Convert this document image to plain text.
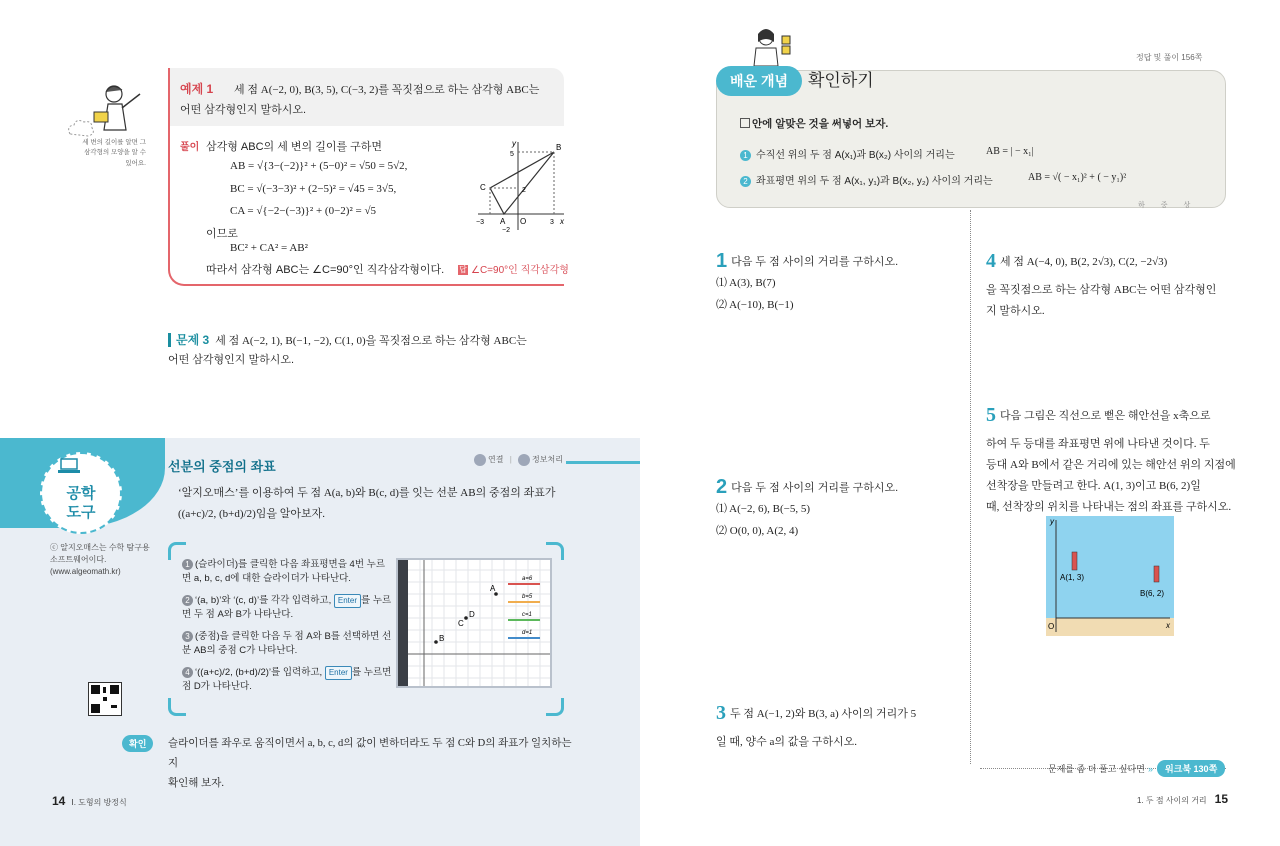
세 변의 길이를 알면 그 삼각형의 모양을 알 수 있어요.
예제 1 세 점 A(−2, 0), B(3, 5), C(−3, 2)를 꼭짓점으로 하는 삼각형 ABC는
어떤 삼각형인지 말하시오.
풀이 삼각형 ABC의 세 변의 길이를 구하면
AB = √{3−(−2)}² + (5−0)² = √50 = 5√2,
BC = √(−3−3)² + (2−5)² = √45 = 3√5,
CA = √{−2−(−3)}² + (0−2)² = √5
이므로
BC² + CA² = AB²
따라서 삼각형 ABC는 ∠C=90°인 직각삼각형이다. 답 ∠C=90°인 직각삼각형
y
x
B
C
A O
5
2
−3
−2
3
문제 3 세 점 A(−2, 1), B(−1, −2), C(1, 0)을 꼭짓점으로 하는 삼각형 ABC는
어떤 삼각형인지 말하시오.
공학
도구
선분의 중점의 좌표	연결 |	정보처리
‘알지오매스’를 이용하여 두 점 A(a, b)와 B(c, d)를 잇는 선분 AB의 중점의 좌표가
((a+c)/2, (b+d)/2)임을 알아보자.
ⓒ 알지오매스는 수학 탐구용
소프트웨어이다.
(www.algeomath.kr)
1 (슬라이더)를 클릭한 다음 좌표평면을 4번 누르면 a, b, c, d에 대한 슬라이더가 나타난다.
2 ‘(a, b)’와 ‘(c, d)’를 각각 입력하고, Enter 를 누르면 두 점 A와 B가 나타난다.
3 (중점)을 클릭한 다음 두 점 A와 B를 선택하면 선분 AB의 중점 C가 나타난다.
4 ‘((a+c)/2, (b+d)/2)’를 입력하고, Enter 를 누르면 점 D가 나타난다.
B
A
D
C
a=6
b=5
c=1
d=1
확인	슬라이더를 좌우로 움직이면서 a, b, c, d의 값이 변하더라도 두 점 C와 D의 좌표가 일치하는지
확인해 보자.
14 Ⅰ. 도형의 방정식
정답 및 풀이 156쪽
배운 개념	확인하기
안에 알맞은 것을 써넣어 보자.
1 수직선 위의 두 점 A(x₁)과 B(x₂) 사이의 거리는	AB = | − x₁|
2 좌표평면 위의 두 점 A(x₁, y₁)과 B(x₂, y₂) 사이의 거리는	AB = √( − x₁)² + ( − y₁)²
하 중 상
1 다음 두 점 사이의 거리를 구하시오.
⑴ A(3), B(7)
⑵ A(−10), B(−1)
2 다음 두 점 사이의 거리를 구하시오.
⑴ A(−2, 6), B(−5, 5)
⑵ O(0, 0), A(2, 4)
3 두 점 A(−1, 2)와 B(3, a) 사이의 거리가 5
일 때, 양수 a의 값을 구하시오.
4 세 점 A(−4, 0), B(2, 2√3), C(2, −2√3)
을 꼭짓점으로 하는 삼각형 ABC는 어떤 삼각형인
지 말하시오.
5 다음 그림은 직선으로 뻗은 해안선을 x축으로
하여 두 등대를 좌표평면 위에 나타낸 것이다. 두
등대 A와 B에서 같은 거리에 있는 해안선 위의 지점에
선착장을 만들려고 한다. A(1, 3)이고 B(6, 2)일
때, 선착장의 위치를 나타내는 점의 좌표를 구하시오.
y
x
O
A(1, 3)
B(6, 2)
문제를 좀 더 풀고 싶다면 » 워크북 130쪽
1. 두 점 사이의 거리 15
